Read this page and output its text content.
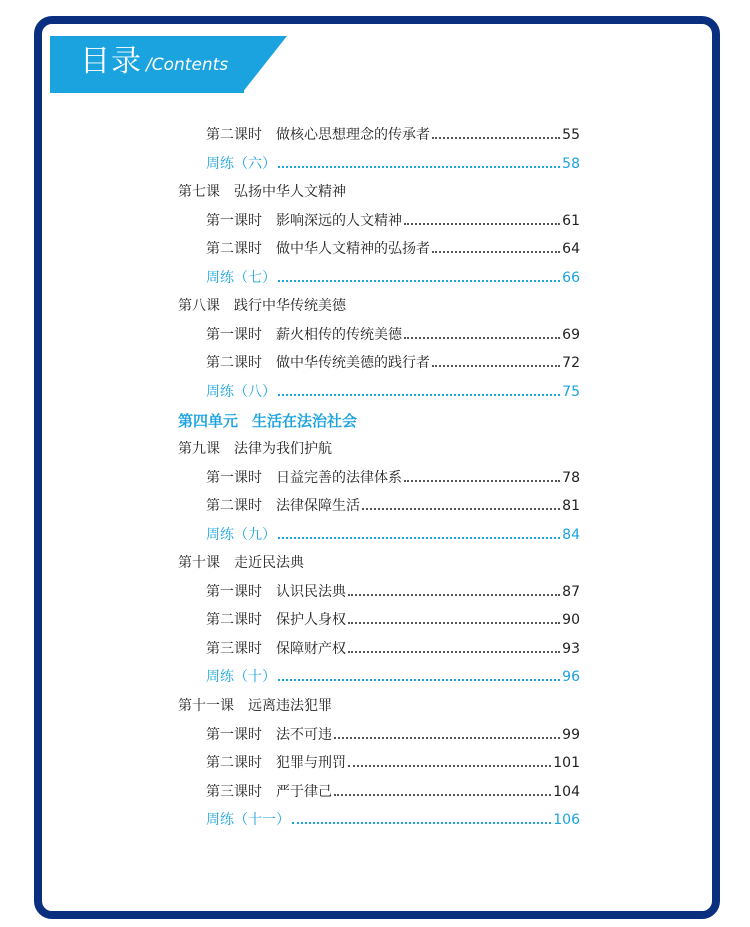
目录 /Contents
第二课时 做核心思想理念的传承者	55
周练（六）	58
第七课 弘扬中华人文精神
第一课时 影响深远的人文精神	61
第二课时 做中华人文精神的弘扬者	64
周练（七）	66
第八课 践行中华传统美德
第一课时 薪火相传的传统美德	69
第二课时 做中华传统美德的践行者	72
周练（八）	75
第四单元 生活在法治社会
第九课 法律为我们护航
第一课时 日益完善的法律体系	78
第二课时 法律保障生活	81
周练（九）	84
第十课 走近民法典
第一课时 认识民法典	87
第二课时 保护人身权	90
第三课时 保障财产权	93
周练（十）	96
第十一课 远离违法犯罪
第一课时 法不可违	99
第二课时 犯罪与刑罚	101
第三课时 严于律己	104
周练（十一）	106
